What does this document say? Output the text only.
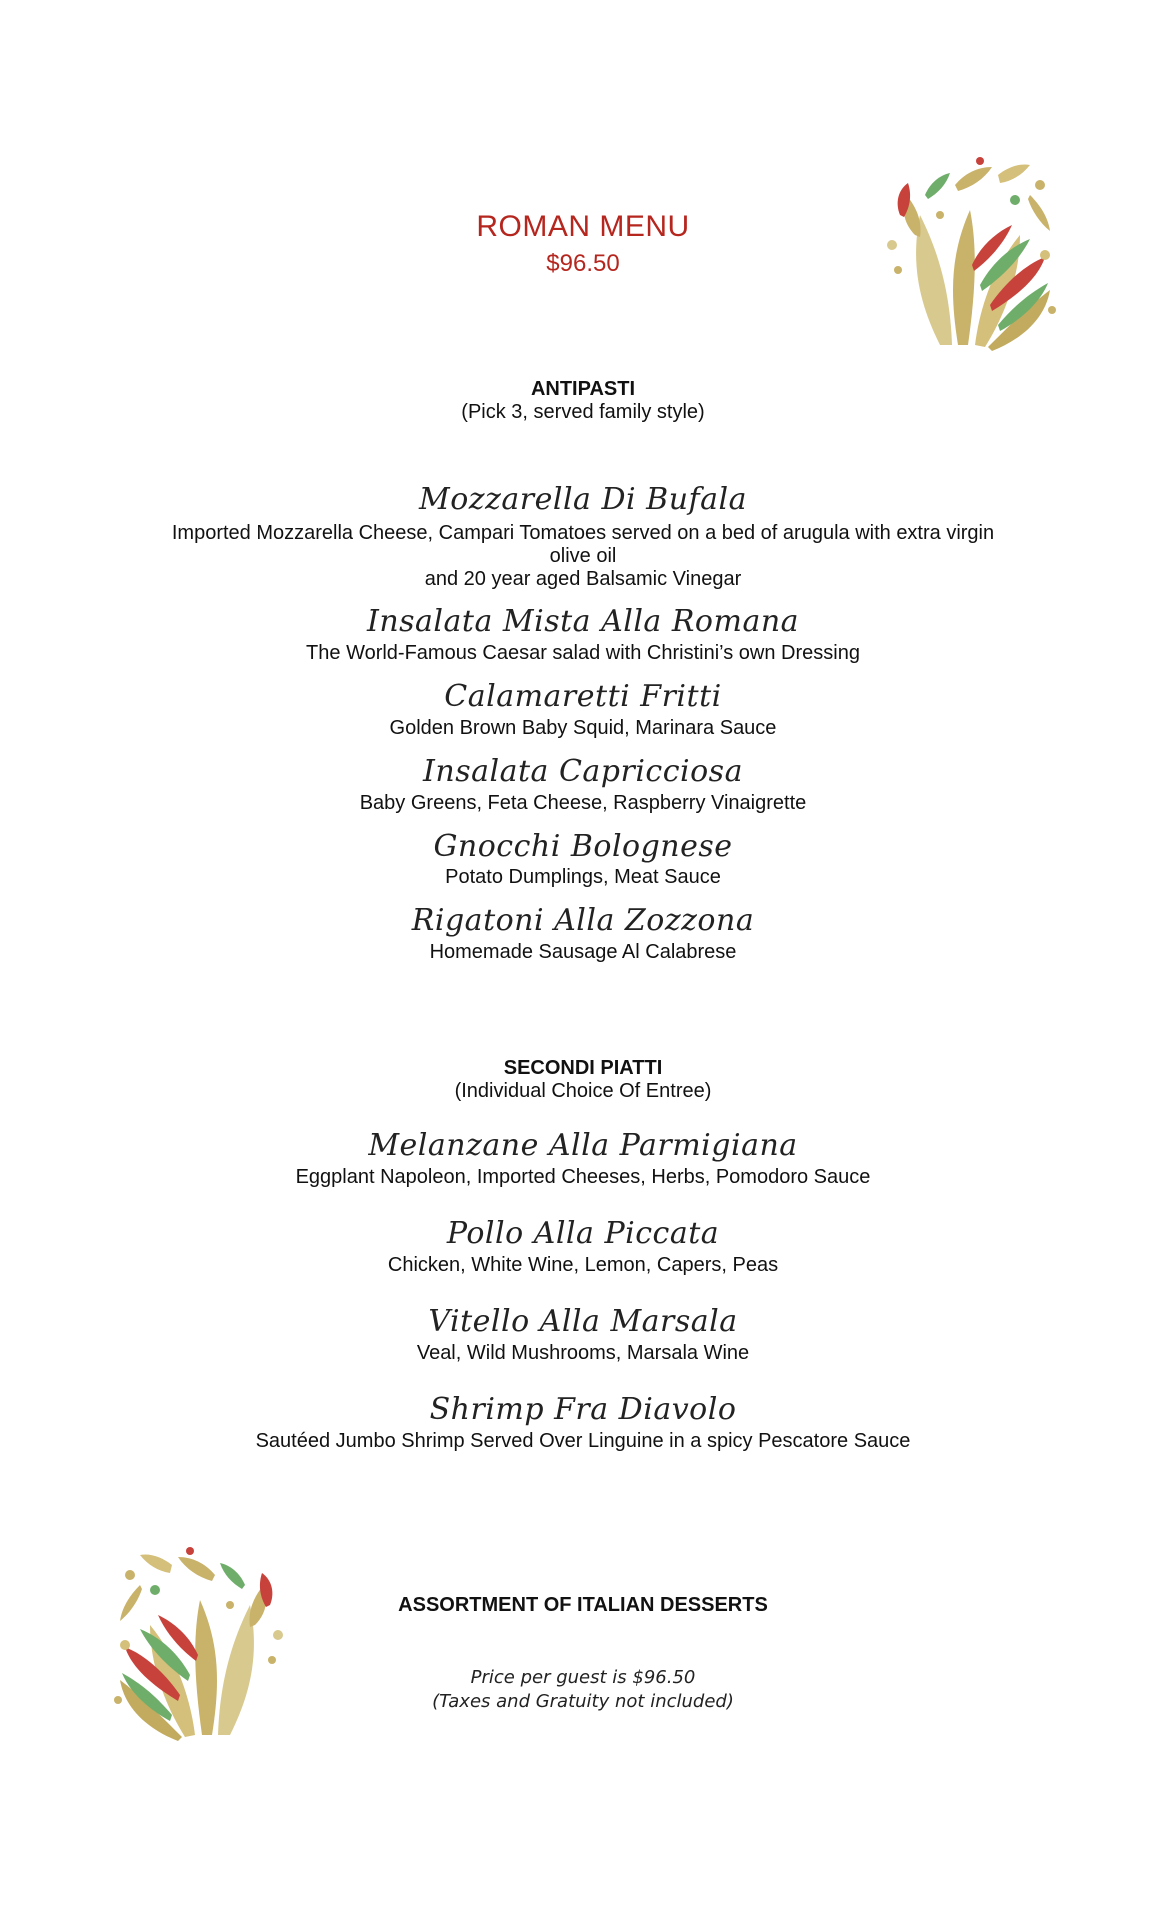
ROMAN MENU
$96.50
ANTIPASTI
(Pick 3, served family style)
Mozzarella Di Bufala
Imported Mozzarella Cheese, Campari Tomatoes served on a bed of arugula with extra virgin
olive oil
and 20 year aged Balsamic Vinegar
Insalata Mista Alla Romana
The World-Famous Caesar salad with Christini’s own Dressing
Calamaretti Fritti
Golden Brown Baby Squid, Marinara Sauce
Insalata Capricciosa
Baby Greens, Feta Cheese, Raspberry Vinaigrette
Gnocchi Bolognese
Potato Dumplings, Meat Sauce
Rigatoni Alla Zozzona
Homemade Sausage Al Calabrese
SECONDI PIATTI
(Individual Choice Of Entree)
Melanzane Alla Parmigiana
Eggplant Napoleon, Imported Cheeses, Herbs, Pomodoro Sauce
Pollo Alla Piccata
Chicken, White Wine, Lemon, Capers, Peas
Vitello Alla Marsala
Veal, Wild Mushrooms, Marsala Wine
Shrimp Fra Diavolo
Sautéed Jumbo Shrimp Served Over Linguine in a spicy Pescatore Sauce
ASSORTMENT OF ITALIAN DESSERTS
Price per guest is $96.50
(Taxes and Gratuity not included)
